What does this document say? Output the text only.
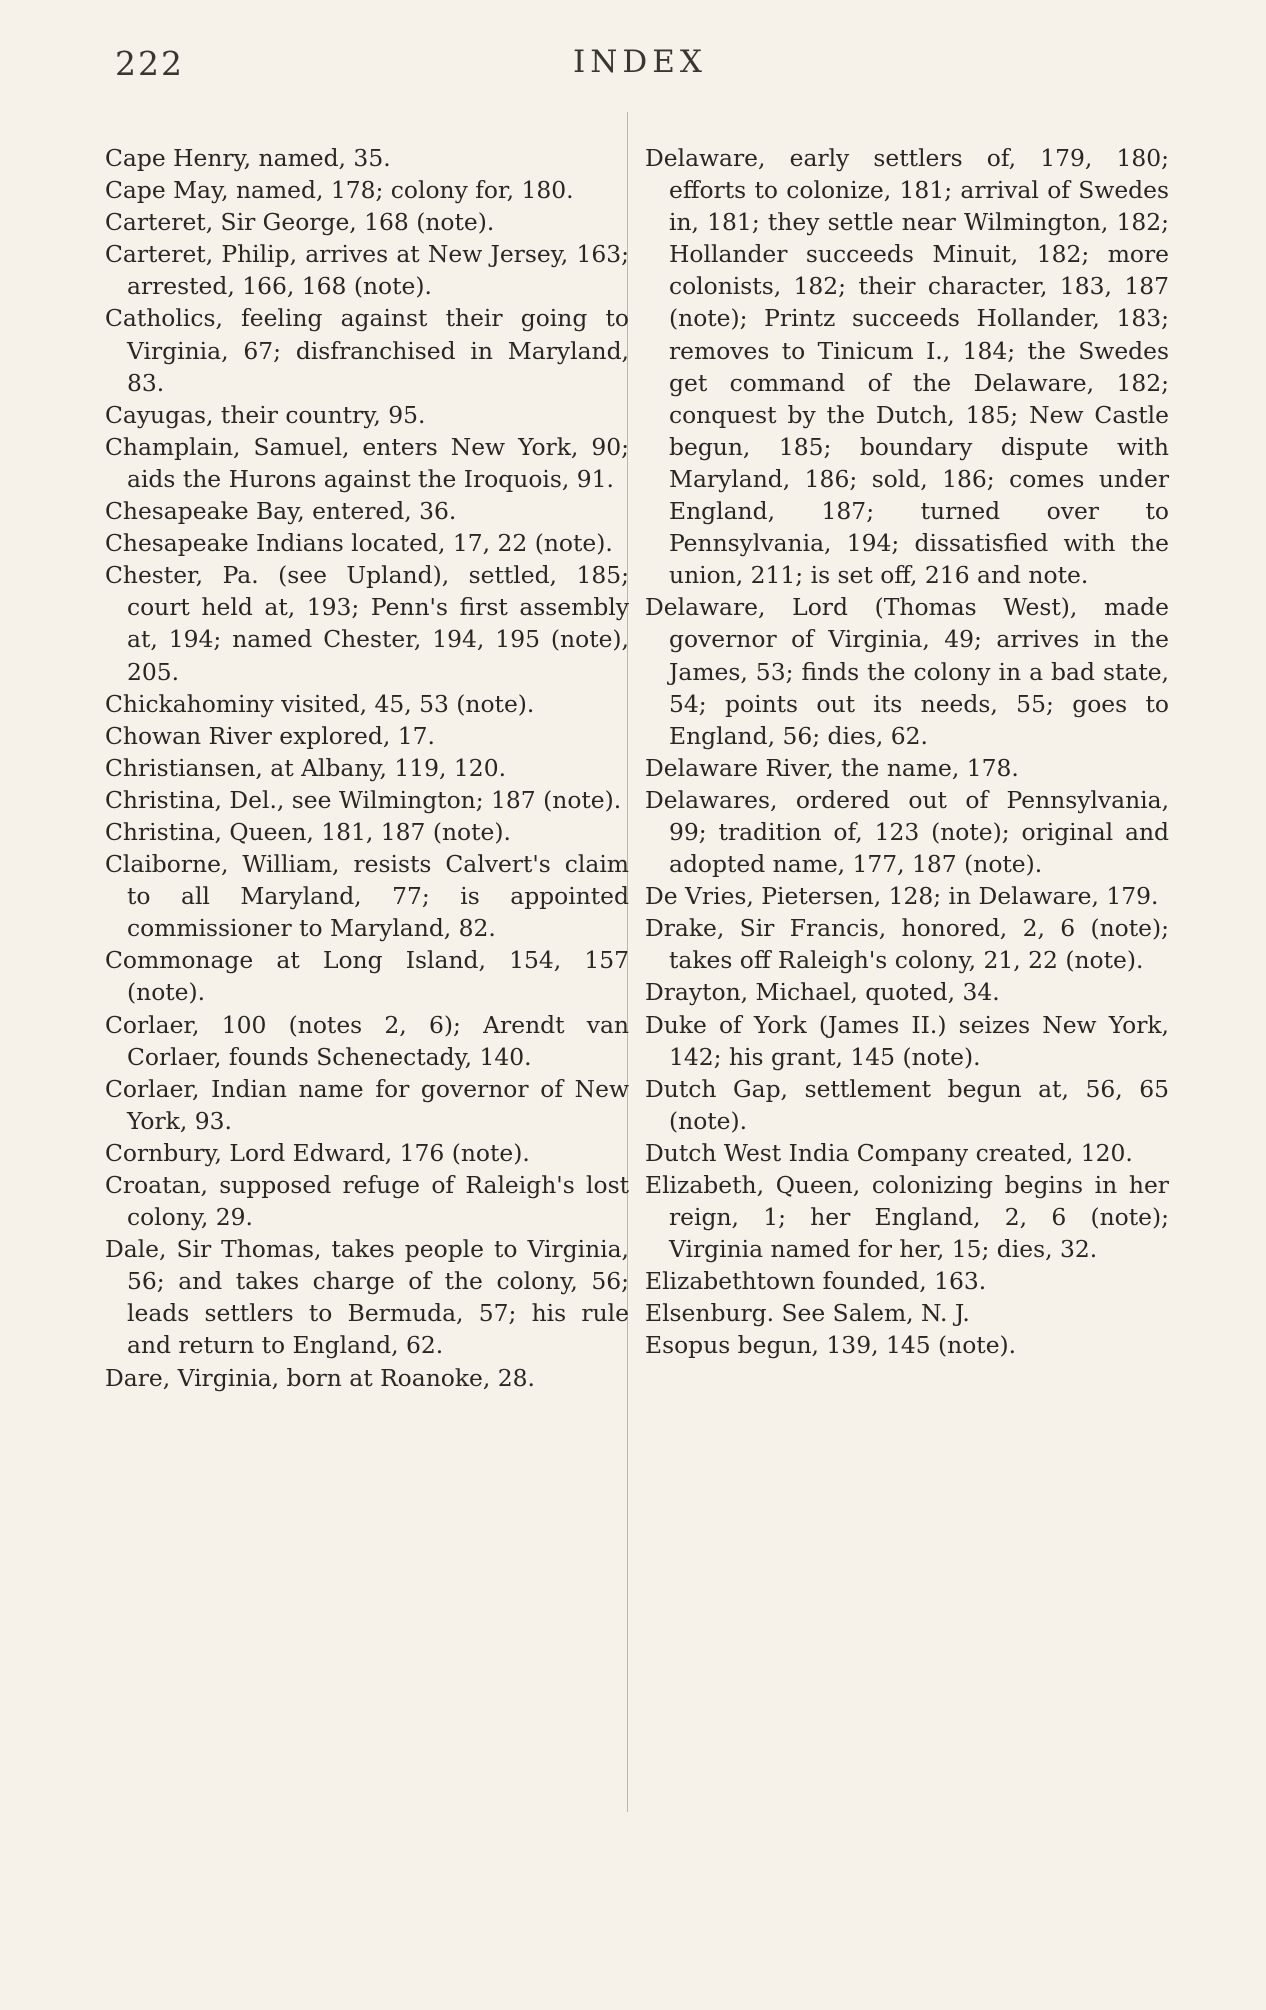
222	INDEX

Cape Henry, named, 35.

Cape May, named, 178; colony for, 180.

Carteret, Sir George, 168 (note).

Carteret, Philip, arrives at New Jersey, 163; arrested, 166, 168 (note).

Catholics, feeling against their going to Virginia, 67; disfranchised in Maryland, 83.

Cayugas, their country, 95.

Champlain, Samuel, enters New York, 90; aids the Hurons against the Iroquois, 91.

Chesapeake Bay, entered, 36.

Chesapeake Indians located, 17, 22 (note).

Chester, Pa. (see Upland), settled, 185; court held at, 193; Penn's first assembly at, 194; named Chester, 194, 195 (note), 205.

Chickahominy visited, 45, 53 (note).

Chowan River explored, 17.

Christiansen, at Albany, 119, 120.

Christina, Del., see Wilmington; 187 (note).

Christina, Queen, 181, 187 (note).

Claiborne, William, resists Calvert's claim to all Maryland, 77; is appointed commissioner to Maryland, 82.

Commonage at Long Island, 154, 157 (note).

Corlaer, 100 (notes 2, 6); Arendt van Corlaer, founds Schenectady, 140.

Corlaer, Indian name for governor of New York, 93.

Cornbury, Lord Edward, 176 (note).

Croatan, supposed refuge of Raleigh's lost colony, 29.

Dale, Sir Thomas, takes people to Virginia, 56; and takes charge of the colony, 56; leads settlers to Bermuda, 57; his rule and return to England, 62.

Dare, Virginia, born at Roanoke, 28.

Delaware, early settlers of, 179, 180; efforts to colonize, 181; arrival of Swedes in, 181; they settle near Wilmington, 182; Hollander succeeds Minuit, 182; more colonists, 182; their character, 183, 187 (note); Printz succeeds Hollander, 183; removes to Tinicum I., 184; the Swedes get command of the Delaware, 182; conquest by the Dutch, 185; New Castle begun, 185; boundary dispute with Maryland, 186; sold, 186; comes under England, 187; turned over to Pennsylvania, 194; dissatisfied with the union, 211; is set off, 216 and note.

Delaware, Lord (Thomas West), made governor of Virginia, 49; arrives in the James, 53; finds the colony in a bad state, 54; points out its needs, 55; goes to England, 56; dies, 62.

Delaware River, the name, 178.

Delawares, ordered out of Pennsylvania, 99; tradition of, 123 (note); original and adopted name, 177, 187 (note).

De Vries, Pietersen, 128; in Delaware, 179.

Drake, Sir Francis, honored, 2, 6 (note); takes off Raleigh's colony, 21, 22 (note).

Drayton, Michael, quoted, 34.

Duke of York (James II.) seizes New York, 142; his grant, 145 (note).

Dutch Gap, settlement begun at, 56, 65 (note).

Dutch West India Company created, 120.

Elizabeth, Queen, colonizing begins in her reign, 1; her England, 2, 6 (note); Virginia named for her, 15; dies, 32.

Elizabethtown founded, 163.

Elsenburg. See Salem, N. J.

Esopus begun, 139, 145 (note).
